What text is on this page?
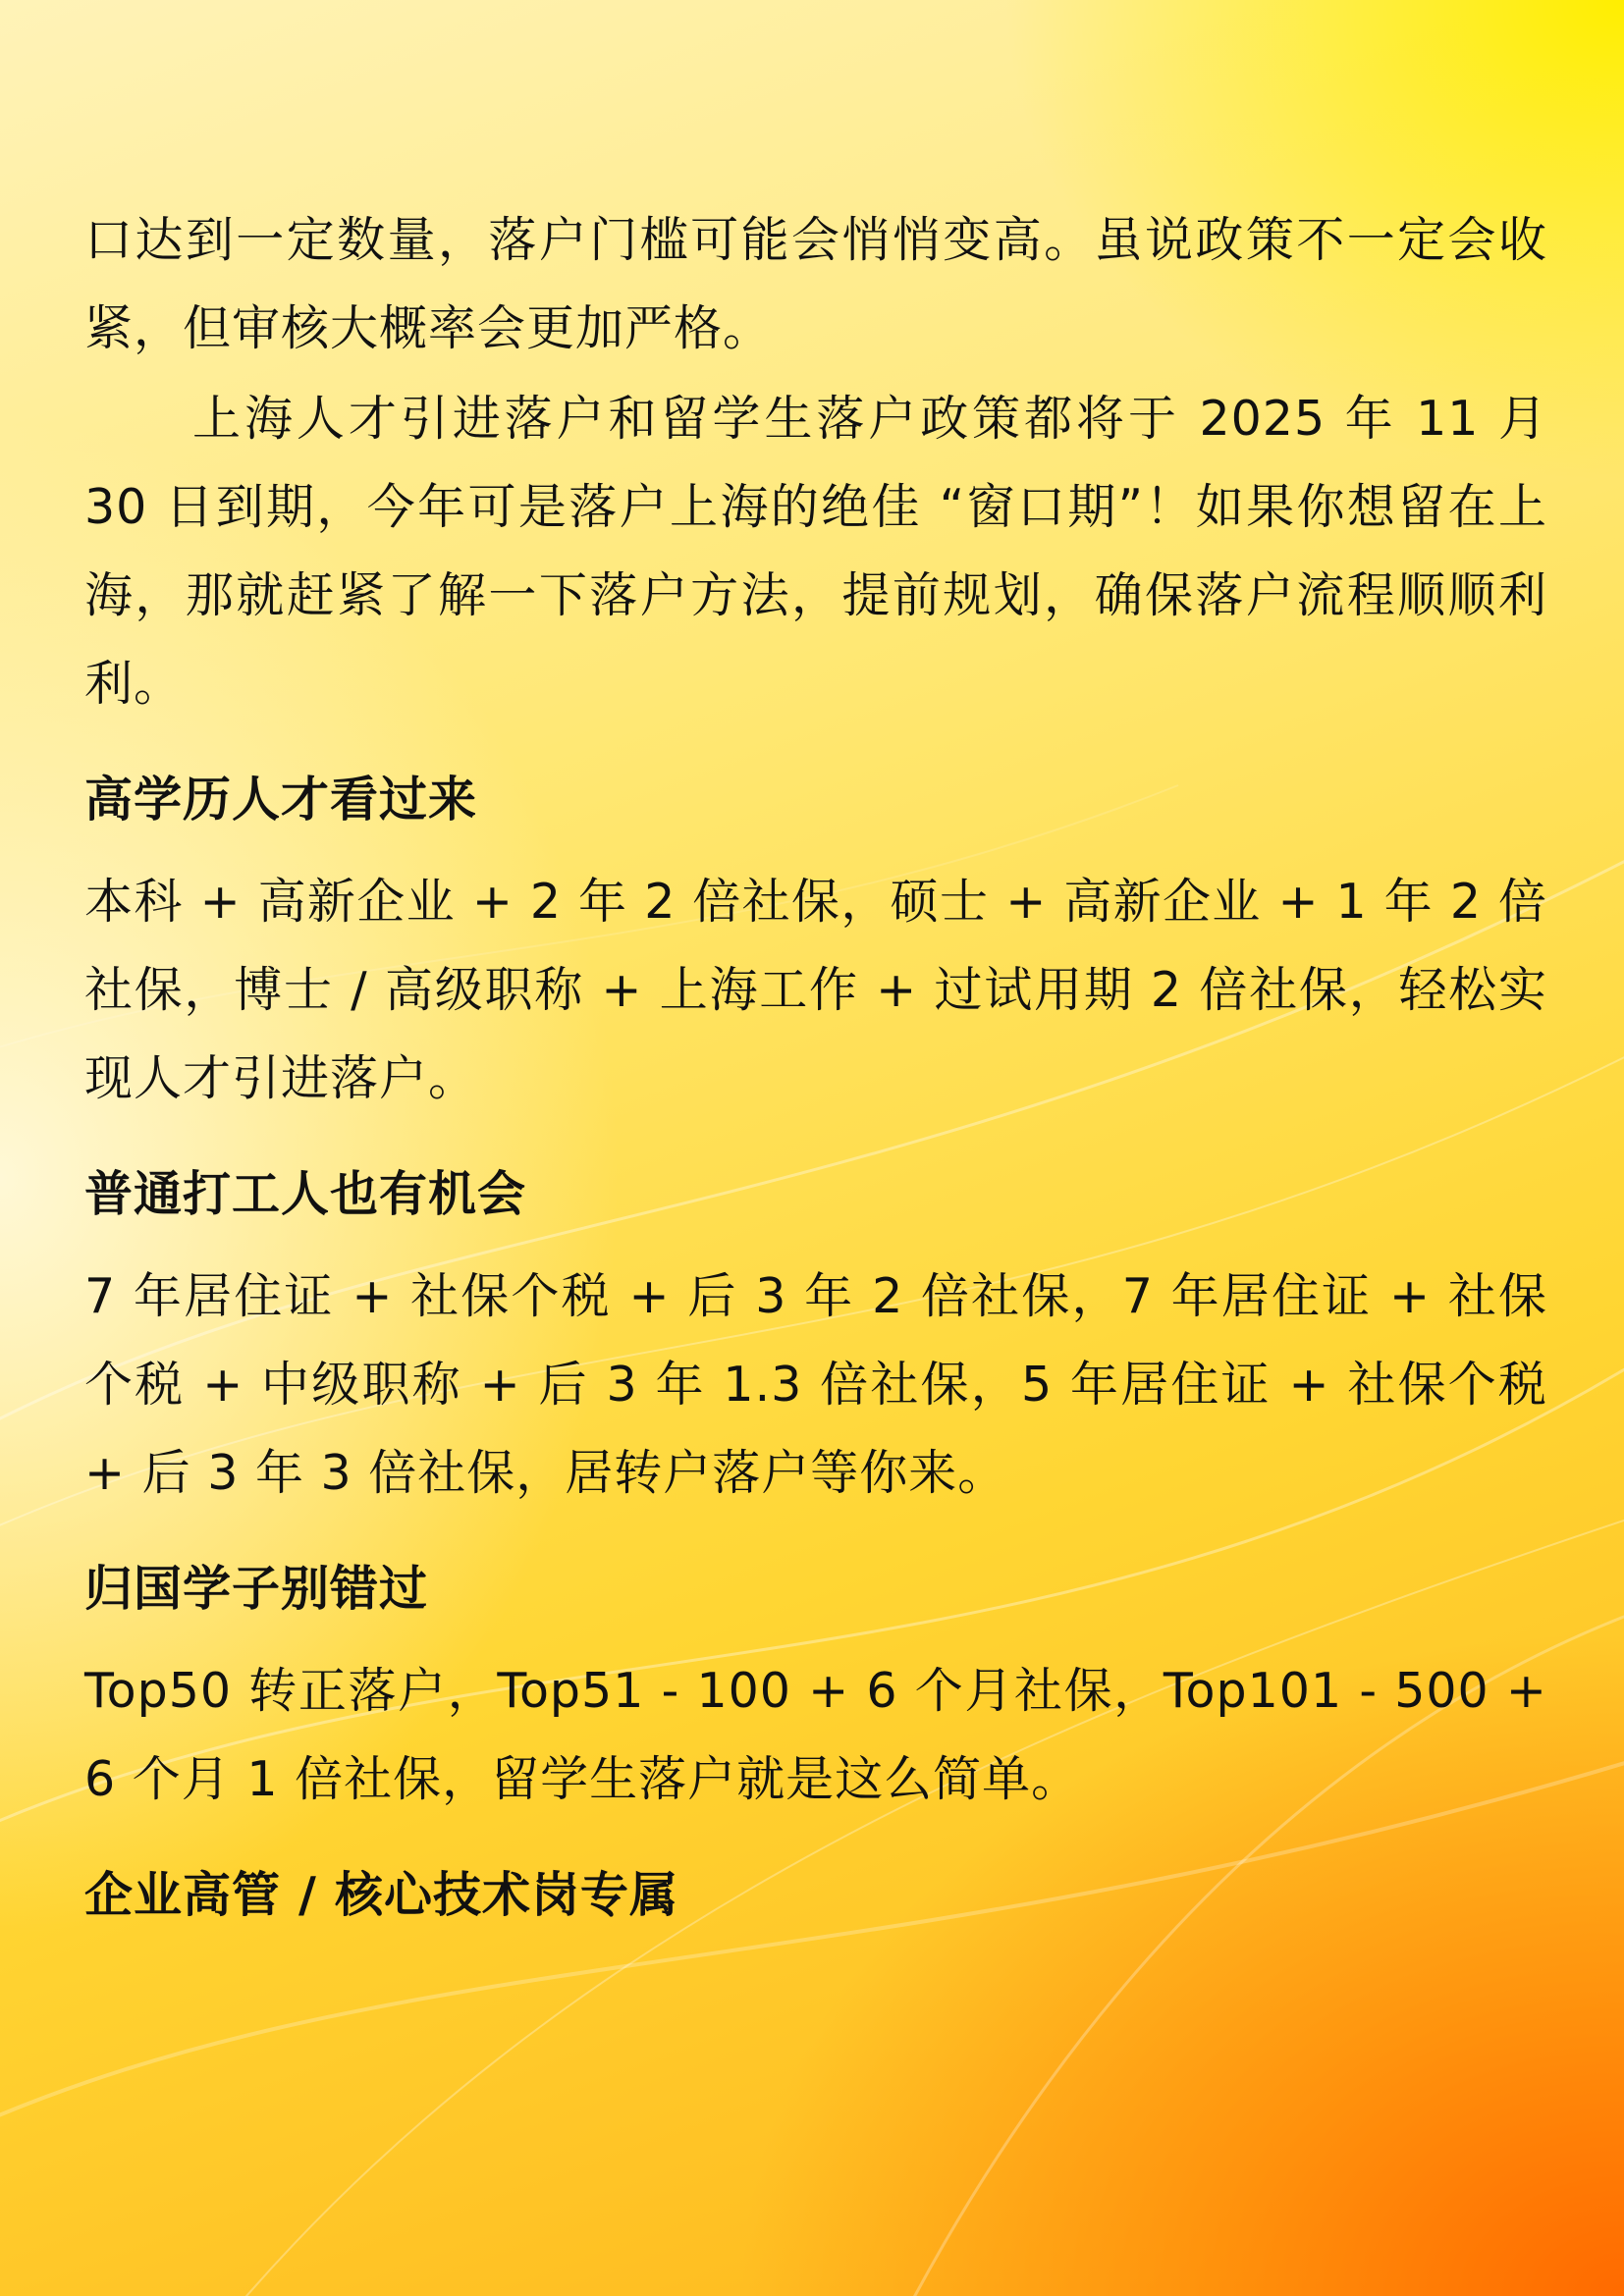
口达到一定数量，落户门槛可能会悄悄变高。虽说政策不一定会收紧，但审核大概率会更加严格。

上海人才引进落户和留学生落户政策都将于 2025 年 11 月 30 日到期，今年可是落户上海的绝佳 “窗口期”！如果你想留在上海，那就赶紧了解一下落户方法，提前规划，确保落户流程顺顺利利。

高学历人才看过来

本科 + 高新企业 + 2 年 2 倍社保，硕士 + 高新企业 + 1 年 2 倍社保，博士 / 高级职称 + 上海工作 + 过试用期 2 倍社保，轻松实现人才引进落户。

普通打工人也有机会

7 年居住证 + 社保个税 + 后 3 年 2 倍社保，7 年居住证 + 社保个税 + 中级职称 + 后 3 年 1.3 倍社保，5 年居住证 + 社保个税 + 后 3 年 3 倍社保，居转户落户等你来。

归国学子别错过

Top50 转正落户，Top51 - 100 + 6 个月社保，Top101 - 500 + 6 个月 1 倍社保，留学生落户就是这么简单。

企业高管 / 核心技术岗专属
